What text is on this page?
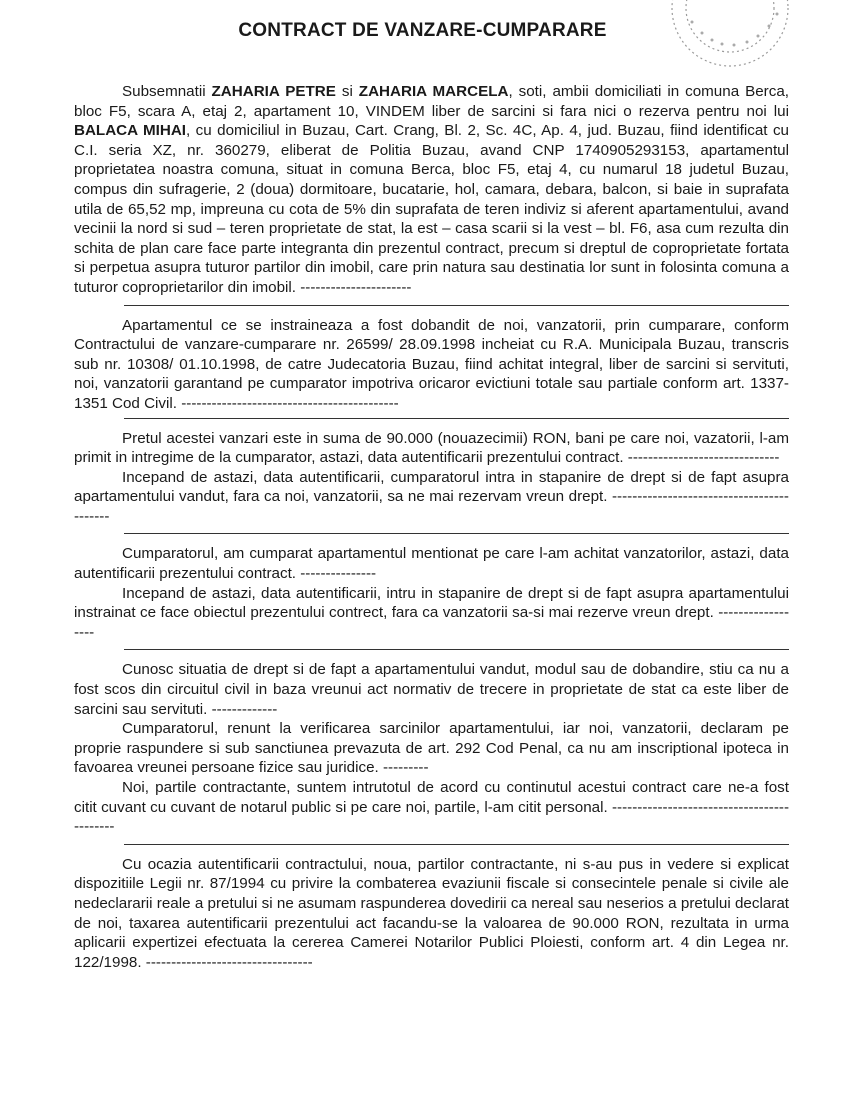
CONTRACT DE VANZARE-CUMPARARE

Subsemnatii ZAHARIA PETRE si ZAHARIA MARCELA, soti, ambii domiciliati in comuna Berca, bloc F5, scara A, etaj 2, apartament 10, VINDEM liber de sarcini si fara nici o rezerva pentru noi lui BALACA MIHAI, cu domiciliul in Buzau, Cart. Crang, Bl. 2, Sc. 4C, Ap. 4, jud. Buzau, fiind identificat cu C.I. seria XZ, nr. 360279, eliberat de Politia Buzau, avand CNP 1740905293153, apartamentul proprietatea noastra comuna, situat in comuna Berca, bloc F5, etaj 4, cu numarul 18 judetul Buzau, compus din sufragerie, 2 (doua) dormitoare, bucatarie, hol, camara, debara, balcon, si baie in suprafata utila de 65,52 mp, impreuna cu cota de 5% din suprafata de teren indiviz si aferent apartamentului, avand vecinii la nord si sud – teren proprietate de stat, la est – casa scarii si la vest – bl. F6, asa cum rezulta din schita de plan care face parte integranta din prezentul contract, precum si dreptul de coproprietate fortata si perpetua asupra tuturor partilor din imobil, care prin natura sau destinatia lor sunt in folosinta comuna a tuturor coproprietarilor din imobil. ----------------------

Apartamentul ce se instraineaza a fost dobandit de noi, vanzatorii, prin cumparare, conform Contractului de vanzare-cumparare nr. 26599/ 28.09.1998 incheiat cu R.A. Municipala Buzau, transcris sub nr. 10308/ 01.10.1998, de catre Judecatoria Buzau, fiind achitat integral, liber de sarcini si servituti, noi, vanzatorii garantand pe cumparator impotriva oricaror evictiuni totale sau partiale conform art. 1337-1351 Cod Civil. -------------------------------------------

Pretul acestei vanzari este in suma de 90.000 (nouazecimii) RON, bani pe care noi, vazatorii, l-am primit in intregime de la cumparator, astazi, data autentificarii prezentului contract. ------------------------------

Incepand de astazi, data autentificarii, cumparatorul intra in stapanire de drept si de fapt asupra apartamentului vandut, fara ca noi, vanzatorii, sa ne mai rezervam vreun drept. ------------------------------------------

Cumparatorul, am cumparat apartamentul mentionat pe care l-am achitat vanzatorilor, astazi, data autentificarii prezentului contract. ---------------

Incepand de astazi, data autentificarii, intru in stapanire de drept si de fapt asupra apartamentului instrainat ce face obiectul prezentului contrect, fara ca vanzatorii sa-si mai rezerve vreun drept. ------------------

Cunosc situatia de drept si de fapt a apartamentului vandut, modul sau de dobandire, stiu ca nu a fost scos din circuitul civil in baza vreunui act normativ de trecere in proprietate de stat ca este liber de sarcini sau servituti. -------------

Cumparatorul, renunt la verificarea sarcinilor apartamentului, iar noi, vanzatorii, declaram pe proprie raspundere si sub sanctiunea prevazuta de art. 292 Cod Penal, ca nu am inscriptional ipoteca in favoarea vreunei persoane fizice sau juridice. ---------

Noi, partile contractante, suntem intrutotul de acord cu continutul acestui contract care ne-a fost citit cuvant cu cuvant de notarul public si pe care noi, partile, l-am citit personal. -------------------------------------------

Cu ocazia autentificarii contractului, noua, partilor contractante, ni s-au pus in vedere si explicat dispozitiile Legii nr. 87/1994 cu privire la combaterea evaziunii fiscale si consecintele penale si civile ale nedeclararii reale a pretului si ne asumam raspunderea dovedirii ca nereal sau neserios a pretului declarat de noi, taxarea autentificarii prezentului act facandu-se la valoarea de 90.000 RON, rezultata in urma aplicarii expertizei efectuata la cererea Camerei Notarilor Publici Ploiesti, conform art. 4 din Legea nr. 122/1998. ---------------------------------
